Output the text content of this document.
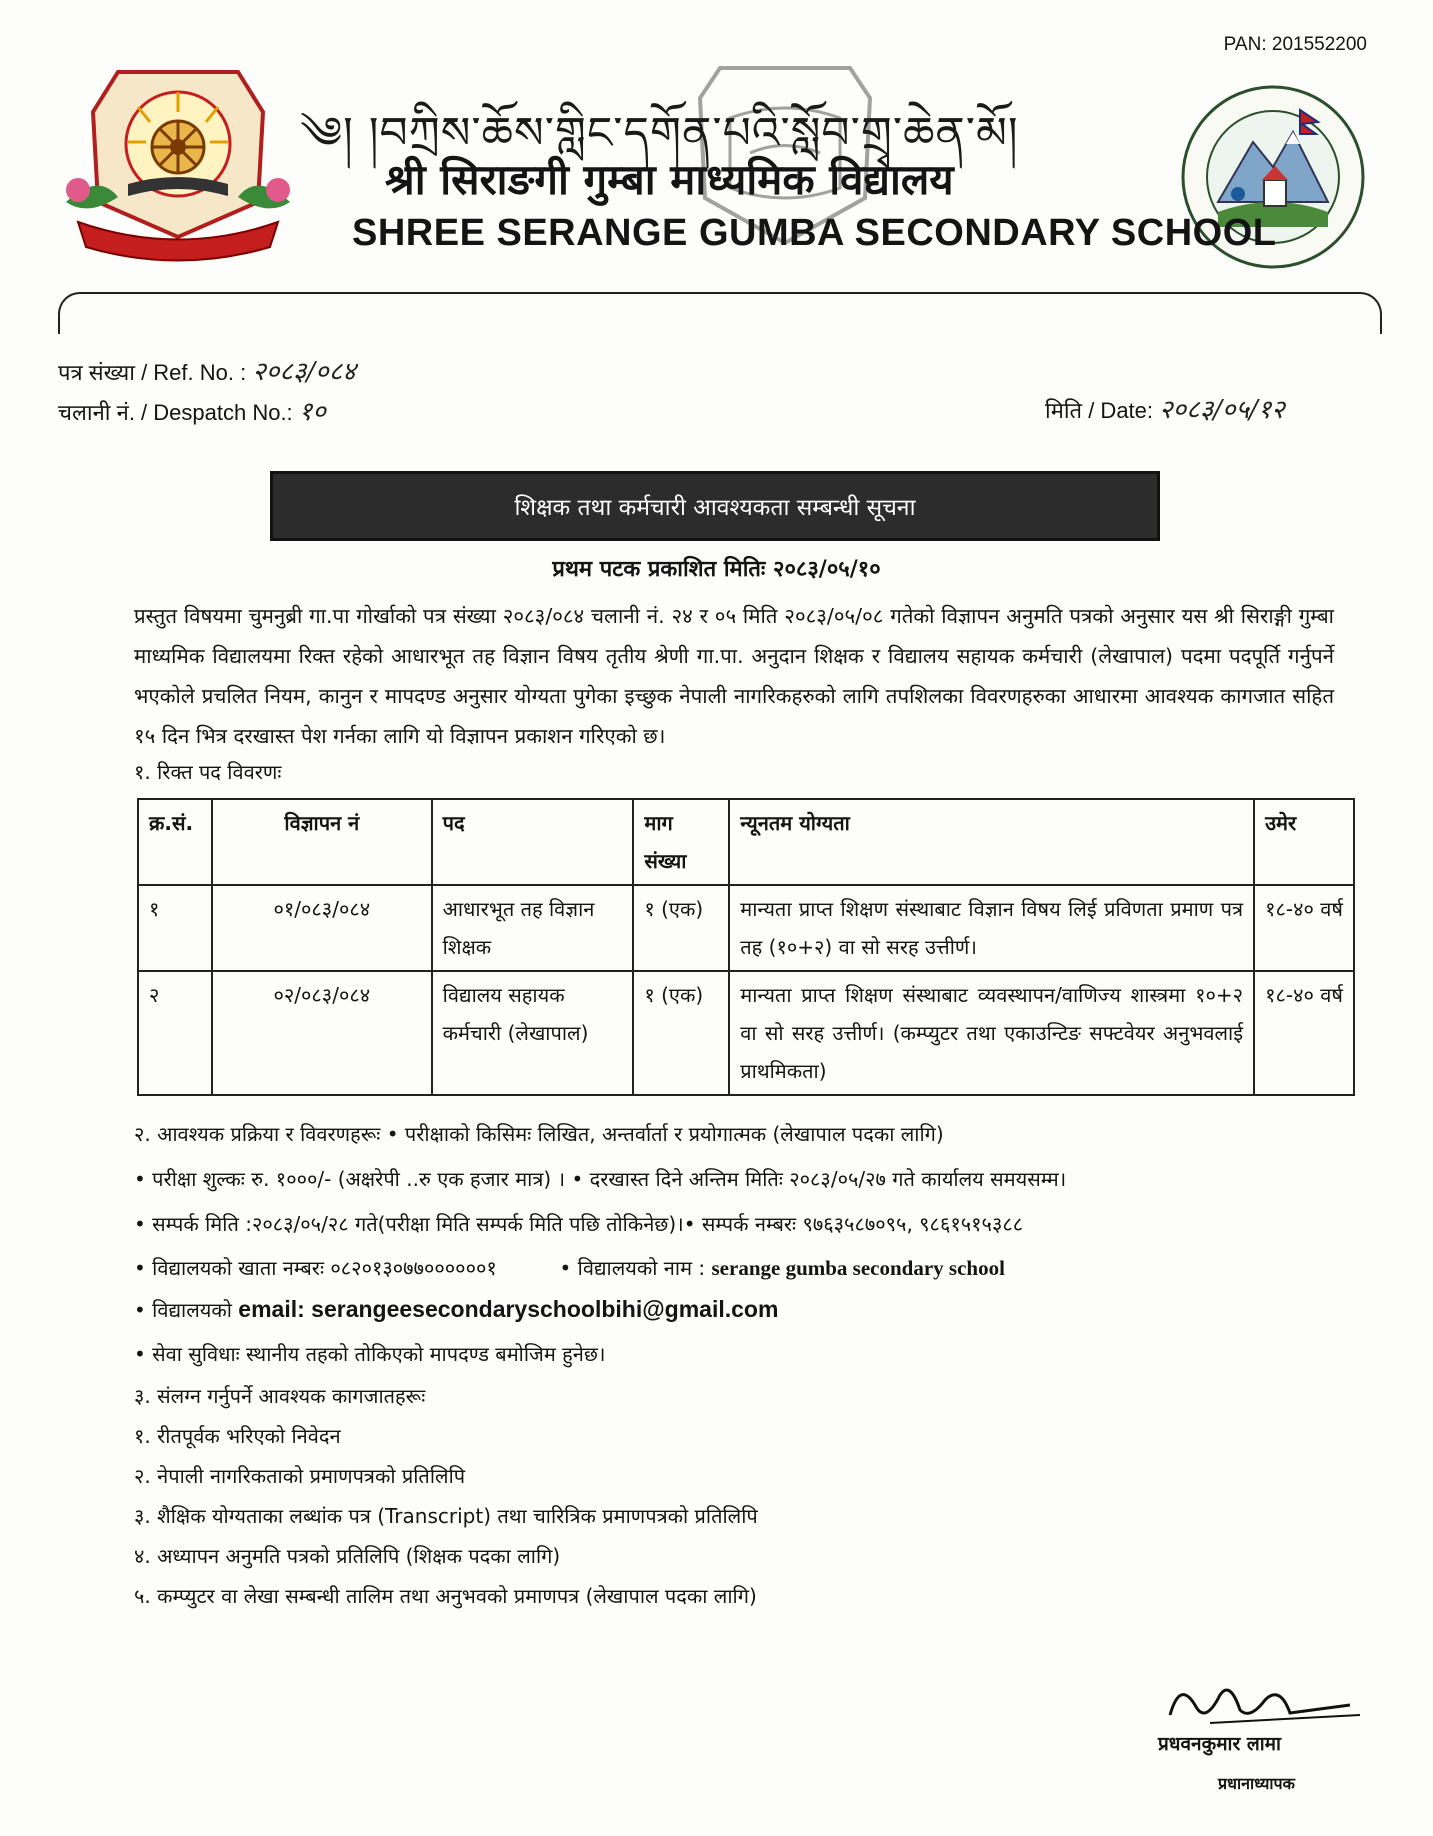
PAN: 201552200
༄། །བཀྲིས་ཆོས་གླིང་དགོན་པའི་སློབ་གྲྭ་ཆེན་མོ།
श्री सिराङगी गुम्बा माध्यमिक विद्यालय
SHREE SERANGE GUMBA SECONDARY SCHOOL
पत्र संख्या / Ref. No. : २०८३/०८४
चलानी नं. / Despatch No.: १०	मिति / Date: २०८३/०५/१२
शिक्षक तथा कर्मचारी आवश्यकता सम्बन्धी सूचना
प्रथम पटक प्रकाशित मितिः २०८३/०५/१०
प्रस्तुत विषयमा चुमनुब्री गा.पा गोर्खाको पत्र संख्या २०८३/०८४ चलानी नं. २४ र ०५ मिति २०८३/०५/०८ गतेको विज्ञापन अनुमति पत्रको अनुसार यस श्री सिराङ्गी गुम्बा माध्यमिक विद्यालयमा रिक्त रहेको आधारभूत तह विज्ञान विषय तृतीय श्रेणी गा.पा. अनुदान शिक्षक र विद्यालय सहायक कर्मचारी (लेखापाल) पदमा पदपूर्ति गर्नुपर्ने भएकोले प्रचलित नियम, कानुन र मापदण्ड अनुसार योग्यता पुगेका इच्छुक नेपाली नागरिकहरुको लागि तपशिलका विवरणहरुका आधारमा आवश्यक कागजात सहित १५ दिन भित्र दरखास्त पेश गर्नका लागि यो विज्ञापन प्रकाशन गरिएको छ।
१. रिक्त पद विवरणः
क्र.सं.	विज्ञापन नं	पद	माग संख्या	न्यूनतम योग्यता	उमेर
१	०१/०८३/०८४	आधारभूत तह विज्ञान शिक्षक	१ (एक)	मान्यता प्राप्त शिक्षण संस्थाबाट विज्ञान विषय लिई प्रविणता प्रमाण पत्र तह (१०+२) वा सो सरह उत्तीर्ण।	१८-४० वर्ष
२	०२/०८३/०८४	विद्यालय सहायक कर्मचारी (लेखापाल)	१ (एक)	मान्यता प्राप्त शिक्षण संस्थाबाट व्यवस्थापन/वाणिज्य शास्त्रमा १०+२ वा सो सरह उत्तीर्ण। (कम्प्युटर तथा एकाउन्टिङ सफ्टवेयर अनुभवलाई प्राथमिकता)	१८-४० वर्ष
२. आवश्यक प्रक्रिया र विवरणहरूः • परीक्षाको किसिमः लिखित, अन्तर्वार्ता र प्रयोगात्मक (लेखापाल पदका लागि)
• परीक्षा शुल्कः रु. १०००/- (अक्षरेपी ..रु एक हजार मात्र) । • दरखास्त दिने अन्तिम मितिः २०८३/०५/२७ गते कार्यालय समयसम्म।
• सम्पर्क मिति :२०८३/०५/२८ गते(परीक्षा मिति सम्पर्क मिति पछि तोकिनेछ)।• सम्पर्क नम्बरः ९७६३५८७०९५, ९८६१५१५३८८
• विद्यालयको खाता नम्बरः ०८२०१३०७७००००००१	• विद्यालयको नाम : serange gumba secondary school
• विद्यालयको email: serangeesecondaryschoolbihi@gmail.com
• सेवा सुविधाः स्थानीय तहको तोकिएको मापदण्ड बमोजिम हुनेछ।
३. संलग्न गर्नुपर्ने आवश्यक कागजातहरूः
१. रीतपूर्वक भरिएको निवेदन
२. नेपाली नागरिकताको प्रमाणपत्रको प्रतिलिपि
३. शैक्षिक योग्यताका लब्धांक पत्र (Transcript) तथा चारित्रिक प्रमाणपत्रको प्रतिलिपि
४. अध्यापन अनुमति पत्रको प्रतिलिपि (शिक्षक पदका लागि)
५. कम्प्युटर वा लेखा सम्बन्धी तालिम तथा अनुभवको प्रमाणपत्र (लेखापाल पदका लागि)
प्रधवनकुमार लामा
प्रधानाध्यापक
